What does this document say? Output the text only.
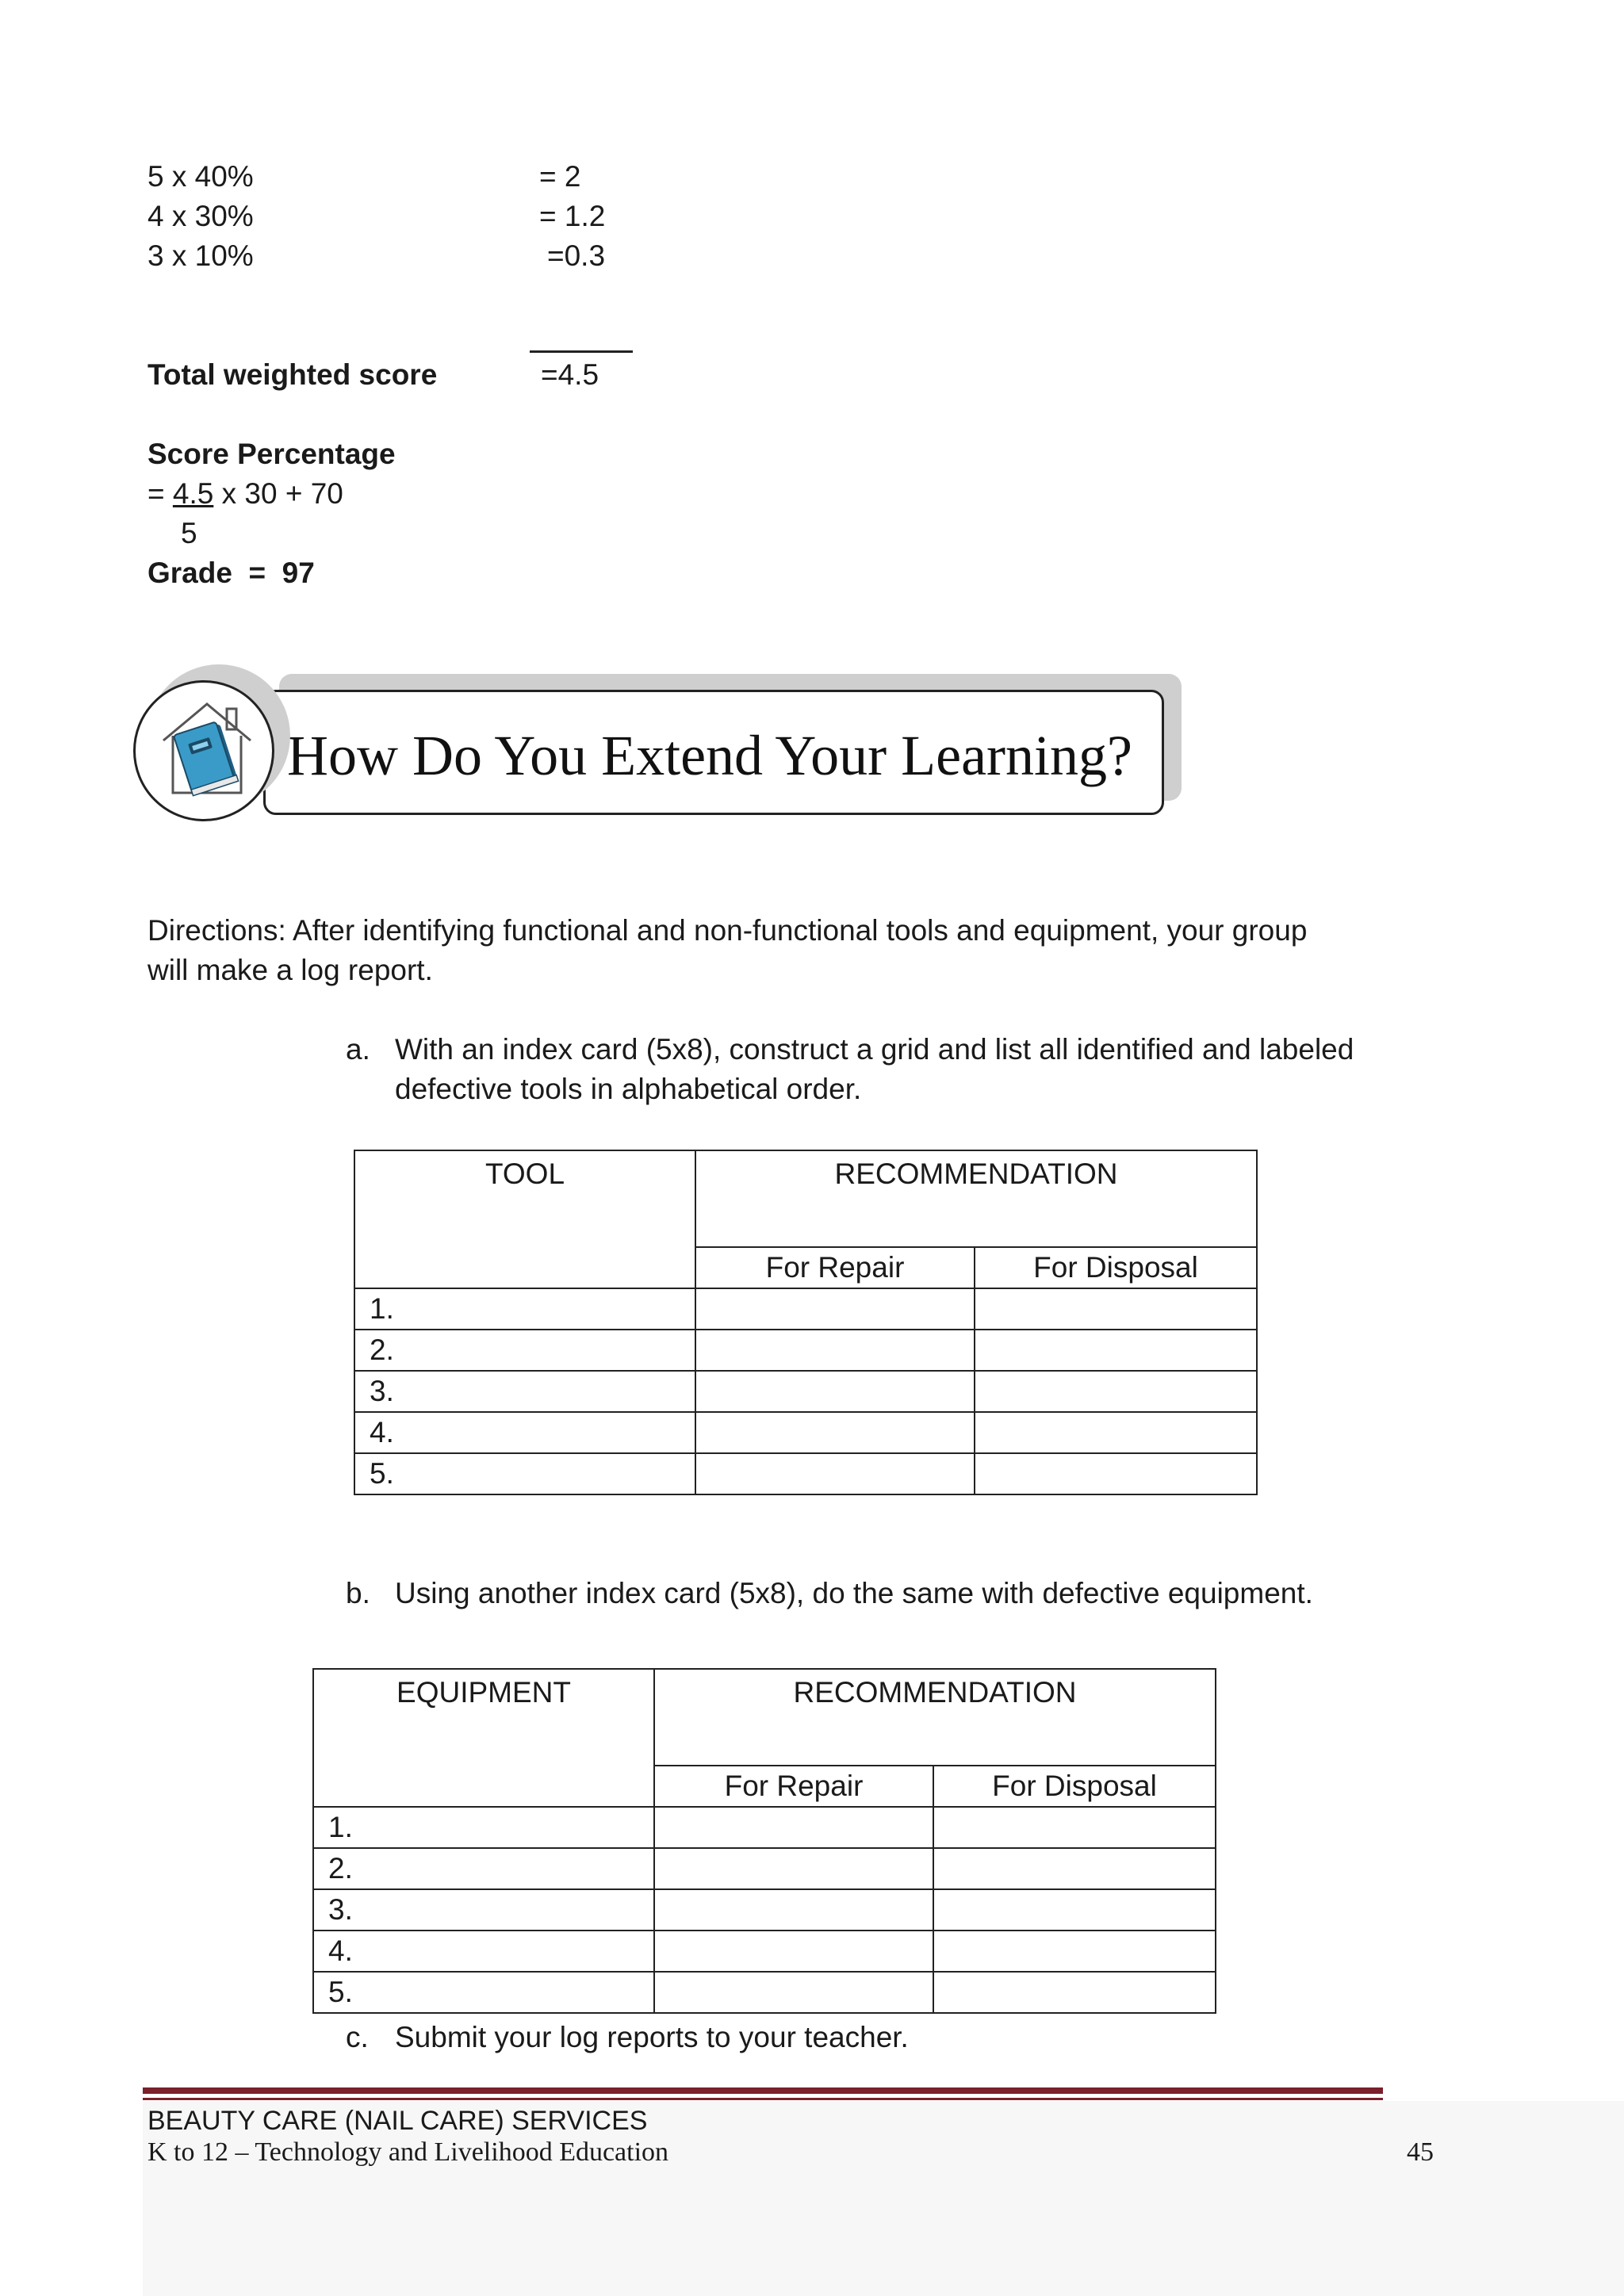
5 x 40%	= 2
4 x 30%	= 1.2
3 x 10%	=0.3
Total weighted score	=4.5
Score Percentage
= 4.5 x 30 + 70
5
Grade  =  97
How Do You Extend Your Learning?
Directions: After identifying functional and non-functional tools and equipment, your group
will make a log report.
a. With an index card (5x8), construct a grid and list all identified and labeled
defective tools in alphabetical order.
TOOL	RECOMMENDATION	
	For Repair	For Disposal
1.		
2.		
3.		
4.		
5.		
b. Using another index card (5x8), do the same with defective equipment.
EQUIPMENT	RECOMMENDATION	
	For Repair	For Disposal
1.		
2.		
3.		
4.		
5.		
c. Submit your log reports to your teacher.
BEAUTY CARE (NAIL CARE) SERVICES
K to 12 – Technology and Livelihood Education	45
